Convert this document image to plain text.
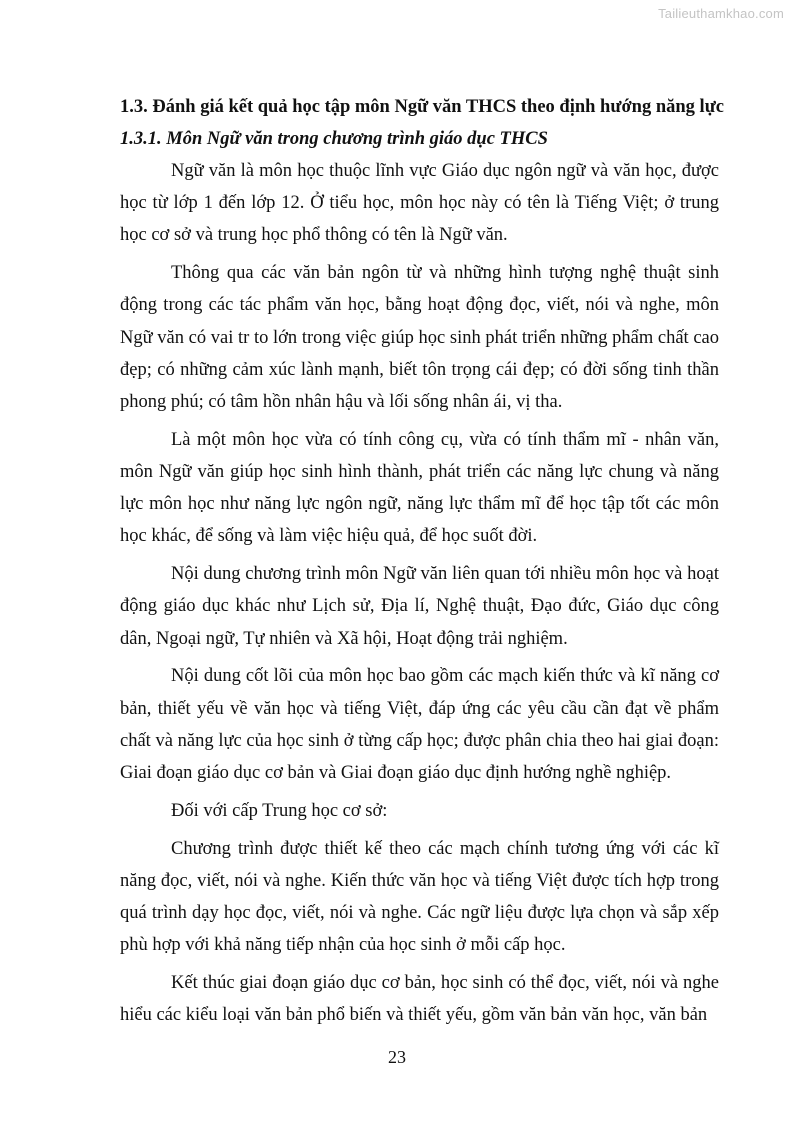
Tailieuthamkhao.com

1.3. Đánh giá kết quả học tập môn Ngữ văn THCS theo định hướng năng lực

1.3.1. Môn Ngữ văn trong chương trình giáo dục THCS

Ngữ văn là môn học thuộc lĩnh vực Giáo dục ngôn ngữ và văn học, được học từ lớp 1 đến lớp 12. Ở tiểu học, môn học này có tên là Tiếng Việt; ở trung học cơ sở và trung học phổ thông có tên là Ngữ văn.

Thông qua các văn bản ngôn từ và những hình tượng nghệ thuật sinh động trong các tác phẩm văn học, bằng hoạt động đọc, viết, nói và nghe, môn Ngữ văn có vai tr to lớn trong việc giúp học sinh phát triển những phẩm chất cao đẹp; có những cảm xúc lành mạnh, biết tôn trọng cái đẹp; có đời sống tinh thần phong phú; có tâm hồn nhân hậu và lối sống nhân ái, vị tha.

Là một môn học vừa có tính công cụ, vừa có tính thẩm mĩ - nhân văn, môn Ngữ văn giúp học sinh hình thành, phát triển các năng lực chung và năng lực môn học như năng lực ngôn ngữ, năng lực thẩm mĩ để học tập tốt các môn học khác, để sống và làm việc hiệu quả, để học suốt đời.

Nội dung chương trình môn Ngữ văn liên quan tới nhiều môn học và hoạt động giáo dục khác như Lịch sử, Địa lí, Nghệ thuật, Đạo đức, Giáo dục công dân, Ngoại ngữ, Tự nhiên và Xã hội, Hoạt động trải nghiệm.

Nội dung cốt lõi của môn học bao gồm các mạch kiến thức và kĩ năng cơ bản, thiết yếu về văn học và tiếng Việt, đáp ứng các yêu cầu cần đạt về phẩm chất và năng lực của học sinh ở từng cấp học; được phân chia theo hai giai đoạn: Giai đoạn giáo dục cơ bản và Giai đoạn giáo dục định hướng nghề nghiệp.

Đối với cấp Trung học cơ sở:

Chương trình được thiết kế theo các mạch chính tương ứng với các kĩ năng đọc, viết, nói và nghe. Kiến thức văn học và tiếng Việt được tích hợp trong quá trình dạy học đọc, viết, nói và nghe. Các ngữ liệu được lựa chọn và sắp xếp phù hợp với khả năng tiếp nhận của học sinh ở mỗi cấp học.

Kết thúc giai đoạn giáo dục cơ bản, học sinh có thể đọc, viết, nói và nghe hiểu các kiểu loại văn bản phổ biến và thiết yếu, gồm văn bản văn học, văn bản

23
